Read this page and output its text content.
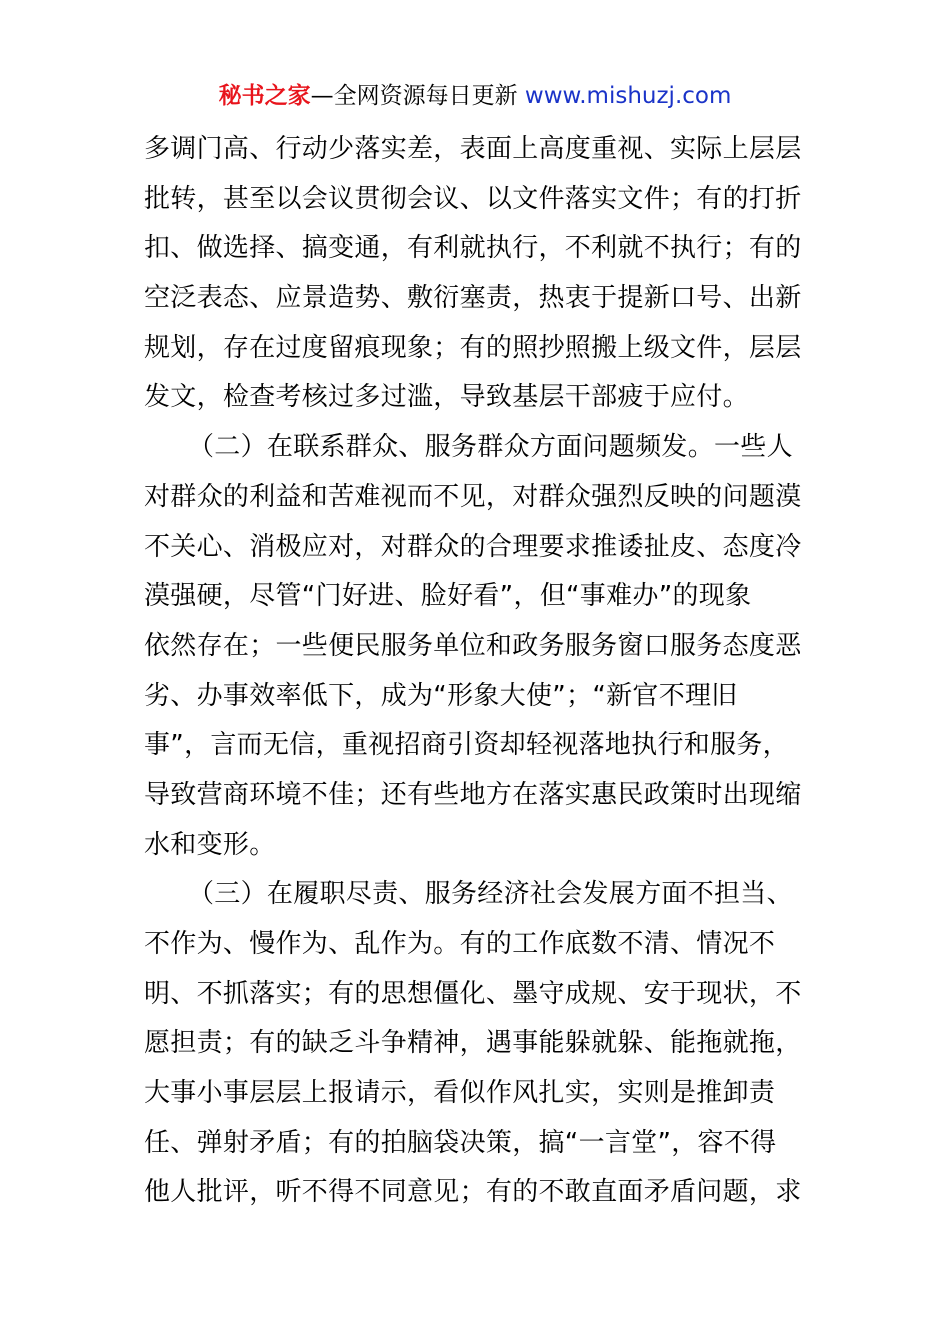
秘书之家—全网资源每日更新 www.mishuzj.com
多调门高、行动少落实差，表面上高度重视、实际上层层
批转，甚至以会议贯彻会议、以文件落实文件；有的打折
扣、做选择、搞变通，有利就执行，不利就不执行；有的
空泛表态、应景造势、敷衍塞责，热衷于提新口号、出新
规划，存在过度留痕现象；有的照抄照搬上级文件，层层
发文，检查考核过多过滥，导致基层干部疲于应付。
（二）在联系群众、服务群众方面问题频发。一些人
对群众的利益和苦难视而不见，对群众强烈反映的问题漠
不关心、消极应对，对群众的合理要求推诿扯皮、态度冷
漠强硬，尽管“门好进、脸好看”，但“事难办”的现象
依然存在；一些便民服务单位和政务服务窗口服务态度恶
劣、办事效率低下，成为“形象大使”；“新官不理旧
事”，言而无信，重视招商引资却轻视落地执行和服务，
导致营商环境不佳；还有些地方在落实惠民政策时出现缩
水和变形。
（三）在履职尽责、服务经济社会发展方面不担当、
不作为、慢作为、乱作为。有的工作底数不清、情况不
明、不抓落实；有的思想僵化、墨守成规、安于现状，不
愿担责；有的缺乏斗争精神，遇事能躲就躲、能拖就拖，
大事小事层层上报请示，看似作风扎实，实则是推卸责
任、弹射矛盾；有的拍脑袋决策，搞“一言堂”，容不得
他人批评，听不得不同意见；有的不敢直面矛盾问题，求
